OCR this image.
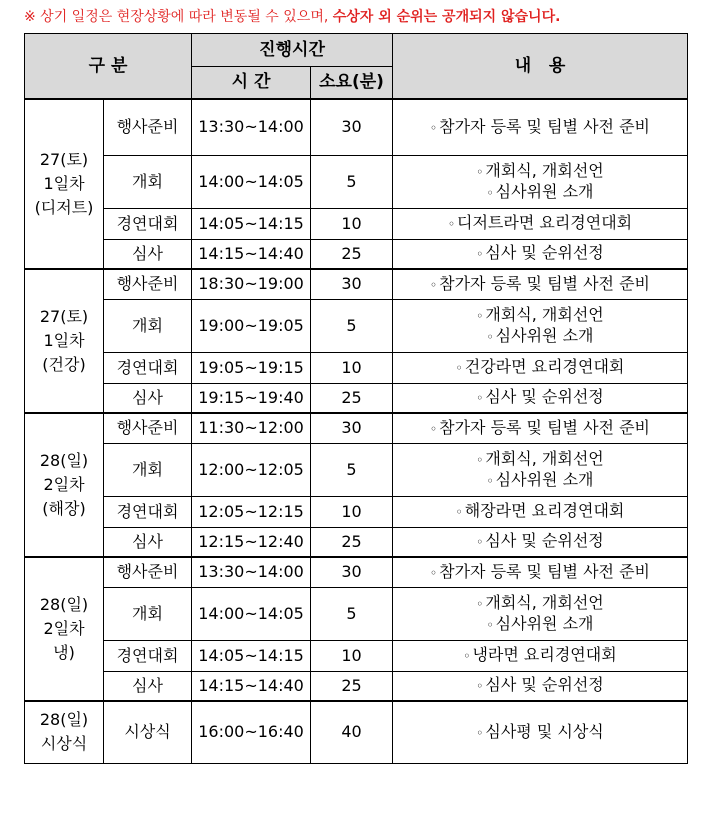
※ 상기 일정은 현장상황에 따라 변동될 수 있으며, 수상자 외 순위는 공개되지 않습니다.
구 분		진행시간		내   용
		시 간	소요(분)	

27(토)
1일차
(디저트)	행사준비	13:30~14:00	30	◦ 참가자 등록 및 팀별 사전 준비

	개회	14:00~14:05	5	◦ 개회식, 개회선언
◦ 심사위원 소개

	경연대회	14:05~14:15	10	◦ 디저트라면 요리경연대회

	심사	14:15~14:40	25	◦ 심사 및 순위선정

27(토)
1일차
(건강)	행사준비	18:30~19:00	30	◦ 참가자 등록 및 팀별 사전 준비

	개회	19:00~19:05	5	◦ 개회식, 개회선언
◦ 심사위원 소개

	경연대회	19:05~19:15	10	◦ 건강라면 요리경연대회

	심사	19:15~19:40	25	◦ 심사 및 순위선정

28(일)
2일차
(해장)	행사준비	11:30~12:00	30	◦ 참가자 등록 및 팀별 사전 준비

	개회	12:00~12:05	5	◦ 개회식, 개회선언
◦ 심사위원 소개

	경연대회	12:05~12:15	10	◦ 해장라면 요리경연대회

	심사	12:15~12:40	25	◦ 심사 및 순위선정

28(일)
2일차
냉)	행사준비	13:30~14:00	30	◦ 참가자 등록 및 팀별 사전 준비

	개회	14:00~14:05	5	◦ 개회식, 개회선언
◦ 심사위원 소개

	경연대회	14:05~14:15	10	◦ 냉라면 요리경연대회

	심사	14:15~14:40	25	◦ 심사 및 순위선정

28(일)
시상식	시상식	16:00~16:40	40	◦ 심사평 및 시상식
